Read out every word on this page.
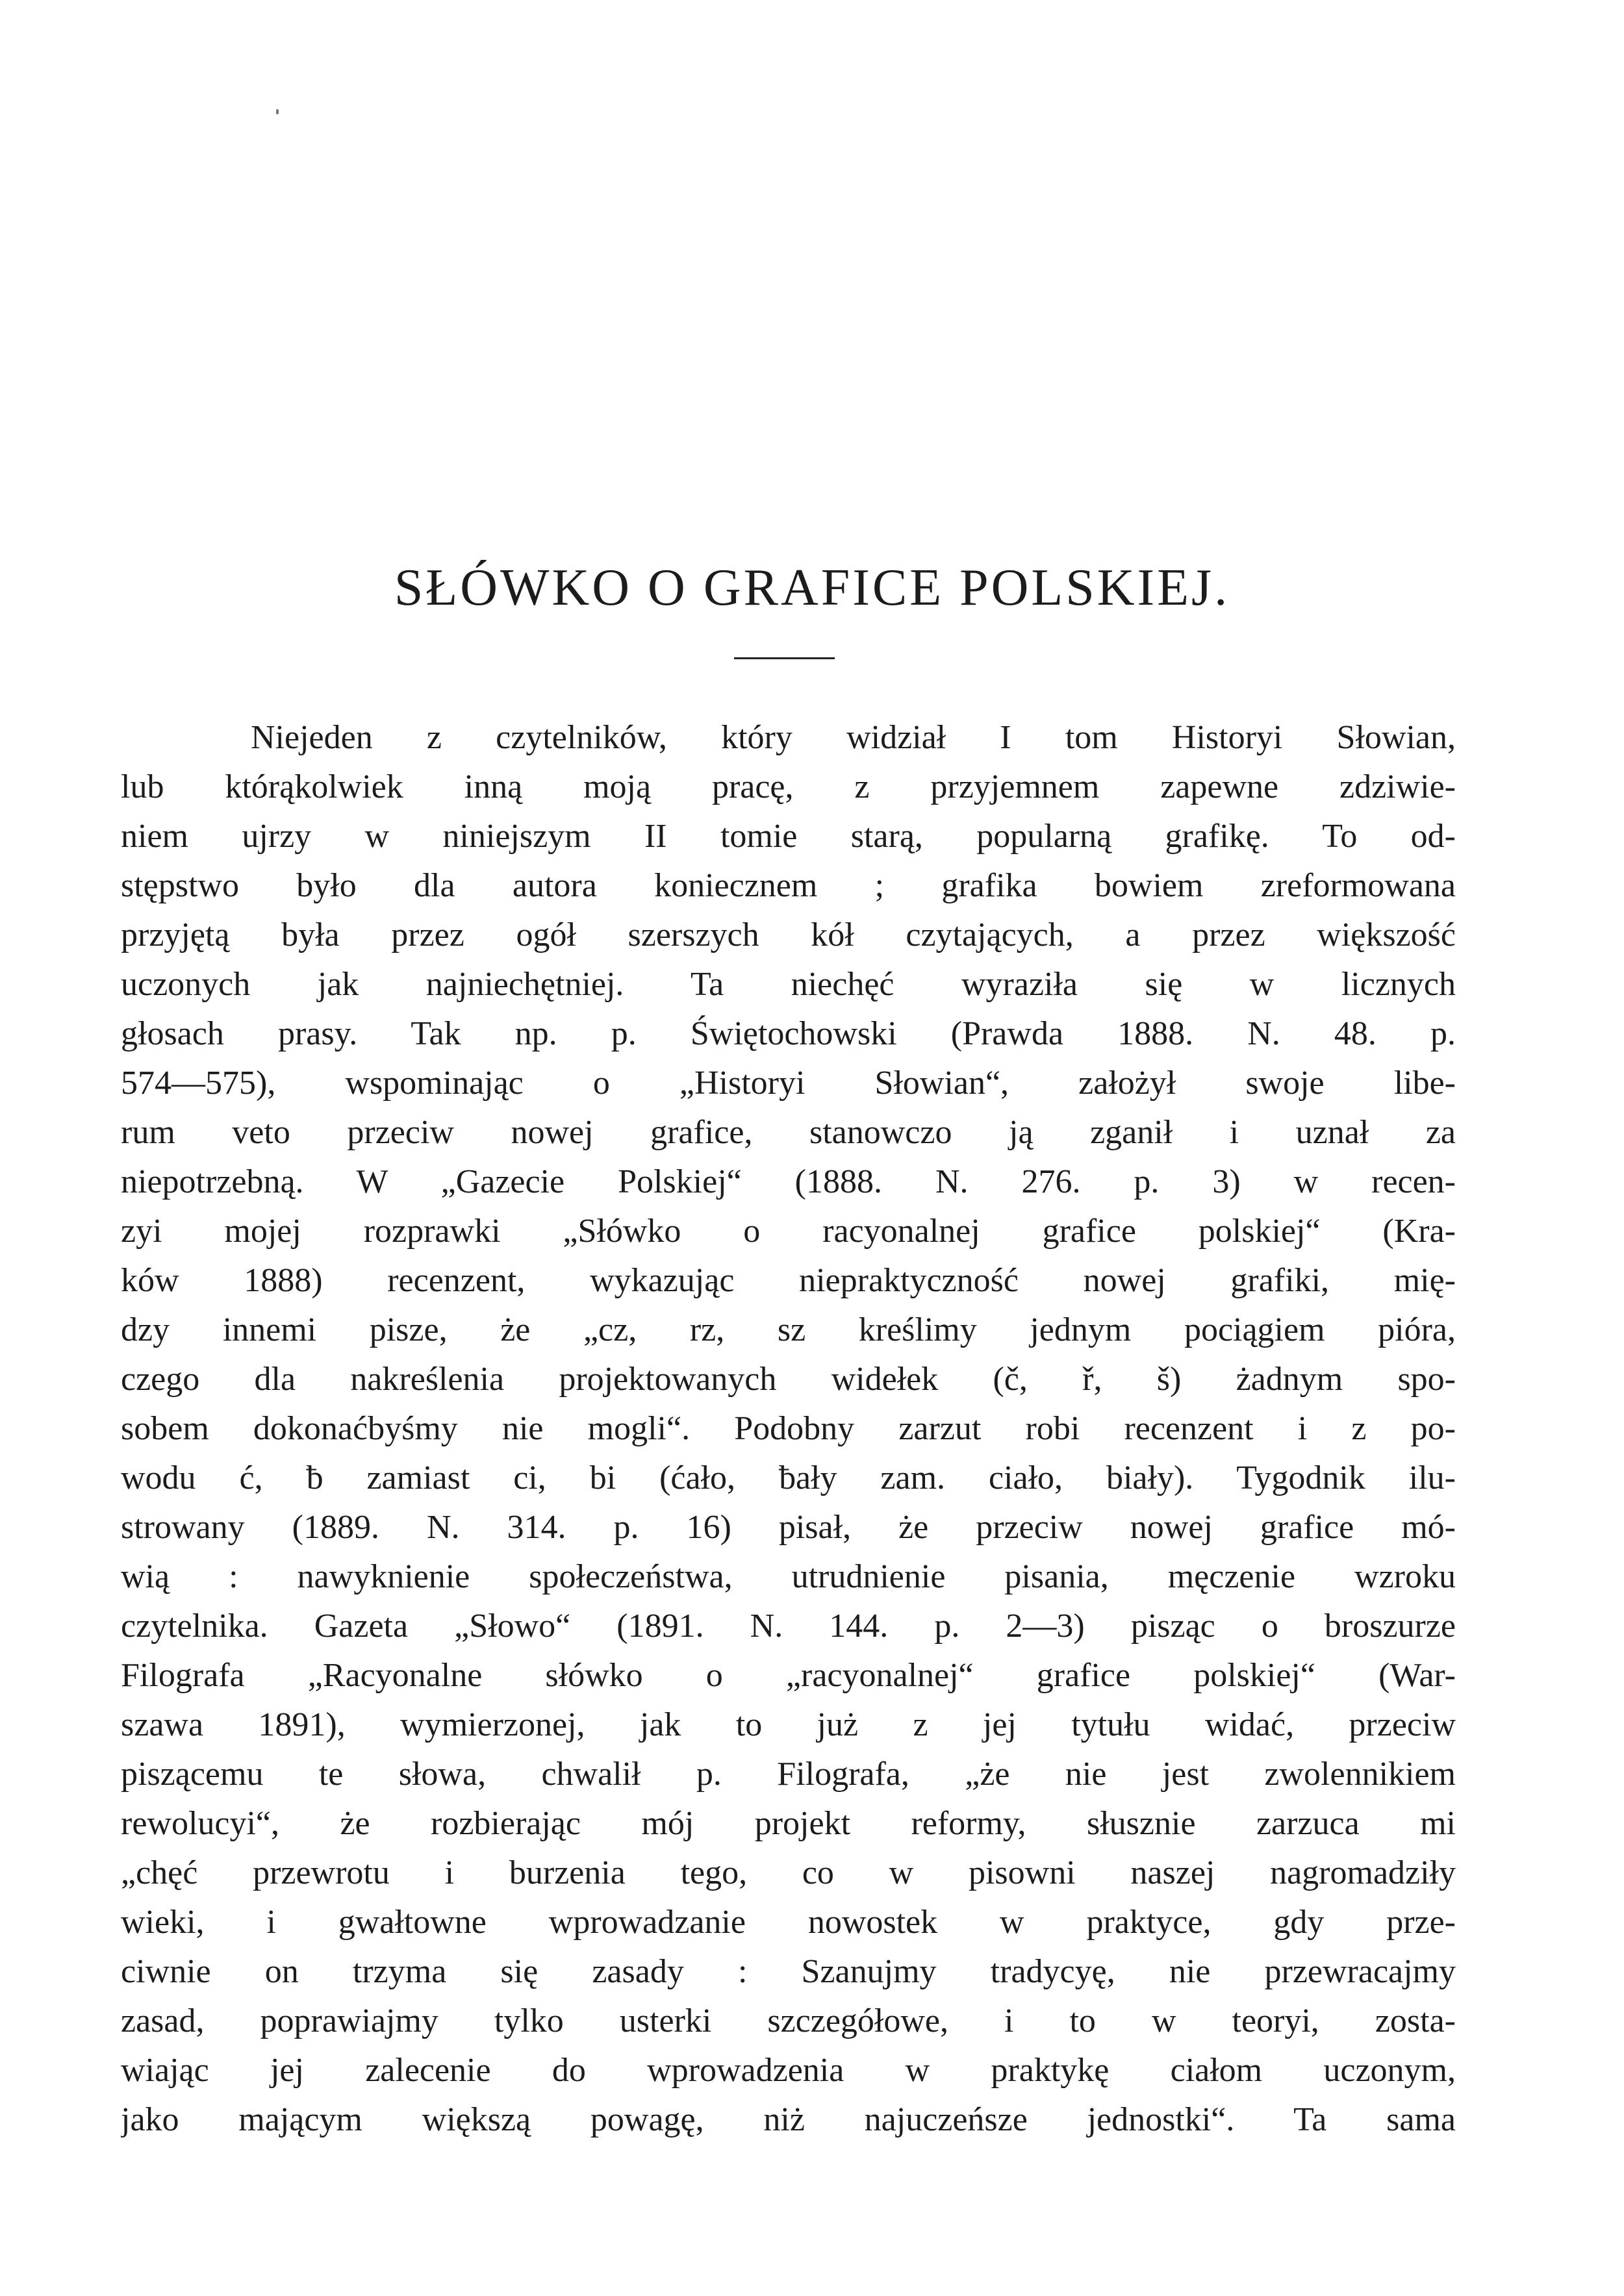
SŁÓWKO O GRAFICE POLSKIEJ.
Niejeden z czytelników, który widział I tom Historyi Słowian,
lub którąkolwiek inną moją pracę, z przyjemnem zapewne zdziwie-
niem ujrzy w niniejszym II tomie starą, popularną grafikę. To od-
stępstwo było dla autora koniecznem ; grafika bowiem zreformowana
przyjętą była przez ogół szerszych kół czytających, a przez większość
uczonych jak najniechętniej. Ta niechęć wyraziła się w licznych
głosach prasy. Tak np. p. Świętochowski (Prawda 1888. N. 48. p.
574—575), wspominając o „Historyi Słowian“, założył swoje libe-
rum veto przeciw nowej grafice, stanowczo ją zganił i uznał za
niepotrzebną. W „Gazecie Polskiej“ (1888. N. 276. p. 3) w recen-
zyi mojej rozprawki „Słówko o racyonalnej grafice polskiej“ (Kra-
ków 1888) recenzent, wykazując niepraktyczność nowej grafiki, mię-
dzy innemi pisze, że „cz, rz, sz kreślimy jednym pociągiem pióra,
czego dla nakreślenia projektowanych widełek (č, ř, š) żadnym spo-
sobem dokonaćbyśmy nie mogli“. Podobny zarzut robi recenzent i z po-
wodu ć, ƀ zamiast ci, bi (ćało, ƀały zam. ciało, biały). Tygodnik ilu-
strowany (1889. N. 314. p. 16) pisał, że przeciw nowej grafice mó-
wią : nawyknienie społeczeństwa, utrudnienie pisania, męczenie wzroku
czytelnika. Gazeta „Słowo“ (1891. N. 144. p. 2—3) pisząc o broszurze
Filografa „Racyonalne słówko o „racyonalnej“ grafice polskiej“ (War-
szawa 1891), wymierzonej, jak to już z jej tytułu widać, przeciw
piszącemu te słowa, chwalił p. Filografa, „że nie jest zwolennikiem
rewolucyi“, że rozbierając mój projekt reformy, słusznie zarzuca mi
„chęć przewrotu i burzenia tego, co w pisowni naszej nagromadziły
wieki, i gwałtowne wprowadzanie nowostek w praktyce, gdy prze-
ciwnie on trzyma się zasady : Szanujmy tradycyę, nie przewracajmy
zasad, poprawiajmy tylko usterki szczegółowe, i to w teoryi, zosta-
wiając jej zalecenie do wprowadzenia w praktykę ciałom uczonym,
jako mającym większą powagę, niż najuczeńsze jednostki“. Ta sama
